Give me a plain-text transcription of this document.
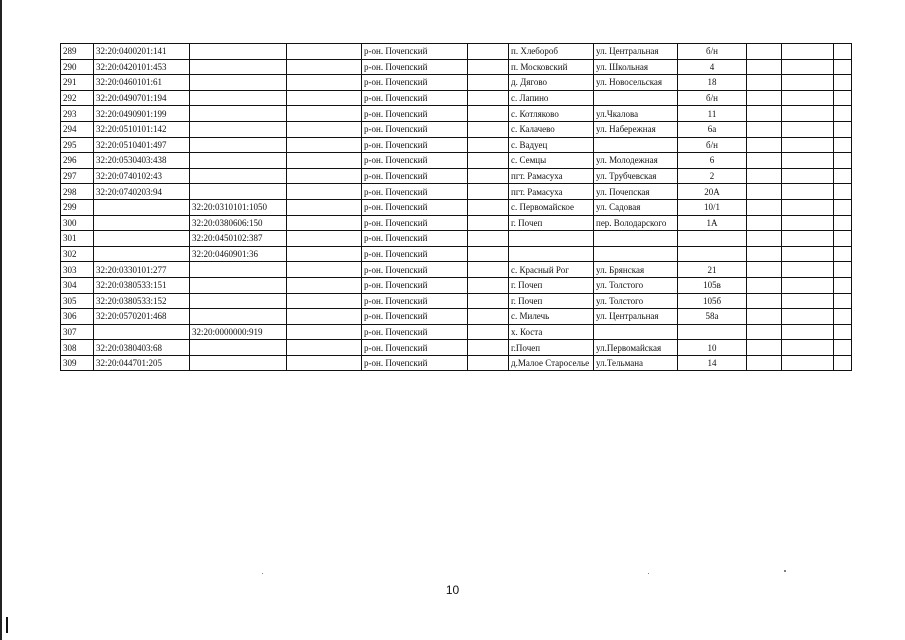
289	32:20:0400201:141			р-он. Почепский		п. Хлебороб	ул. Центральная	б/н			
290	32:20:0420101:453			р-он. Почепский		п. Московский	ул. Школьная	4			
291	32:20:0460101:61			р-он. Почепский		д. Дягово	ул. Новосельская	18			
292	32:20:0490701:194			р-он. Почепский		с. Лапино		б/н			
293	32:20:0490901:199			р-он. Почепский		с. Котляково	ул.Чкалова	11			
294	32:20:0510101:142			р-он. Почепский		с. Калачево	ул. Набережная	6а			
295	32:20:0510401:497			р-он. Почепский		с. Вадуец		б/н			
296	32:20:0530403:438			р-он. Почепский		с. Семцы	ул. Молодежная	6			
297	32:20:0740102:43			р-он. Почепский		пгт. Рамасуха	ул. Трубчевская	2			
298	32:20:0740203:94			р-он. Почепский		пгт. Рамасуха	ул. Почепская	20А			
299		32:20:0310101:1050		р-он. Почепский		с. Первомайское	ул. Садовая	10/1			
300		32:20:0380606:150		р-он. Почепский		г. Почеп	пер. Володарского	1А			
301		32:20:0450102:387		р-он. Почепский							
302		32:20:0460901:36		р-он. Почепский							
303	32:20:0330101:277			р-он. Почепский		с. Красный Рог	ул. Брянская	21			
304	32:20:0380533:151			р-он. Почепский		г. Почеп	ул. Толстого	105в			
305	32:20:0380533:152			р-он. Почепский		г. Почеп	ул. Толстого	105б			
306	32:20:0570201:468			р-он. Почепский		с. Милечь	ул. Центральная	58а			
307		32:20:0000000:919		р-он. Почепский		х. Коста					
308	32:20:0380403:68			р-он. Почепский		г.Почеп	ул.Первомайская	10			
309	32:20:044701:205			р-он. Почепский		д.Малое Староселье	ул.Тельмана	14			
10
